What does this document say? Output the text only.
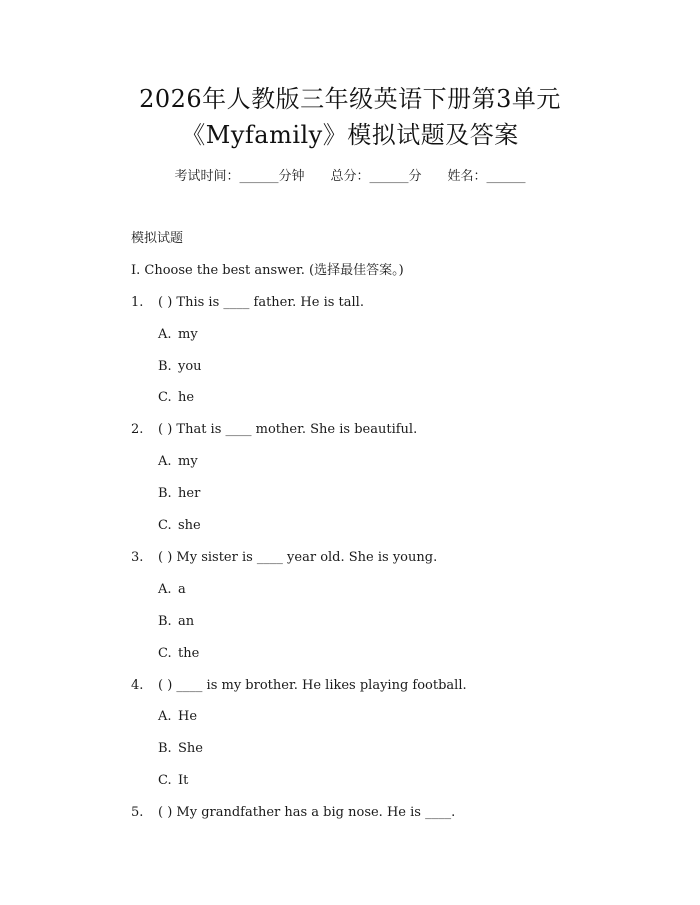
2026年人教版三年级英语下册第3单元
《Myfamily》模拟试题及答案
考试时间：______分钟 总分：______分 姓名：______
模拟试题
I. Choose the best answer. (选择最佳答案。)
1. ( ) This is ____ father. He is tall.
A. my
B. you
C. he
2. ( ) That is ____ mother. She is beautiful.
A. my
B. her
C. she
3. ( ) My sister is ____ year old. She is young.
A. a
B. an
C. the
4. ( ) ____ is my brother. He likes playing football.
A. He
B. She
C. It
5. ( ) My grandfather has a big nose. He is ____.
